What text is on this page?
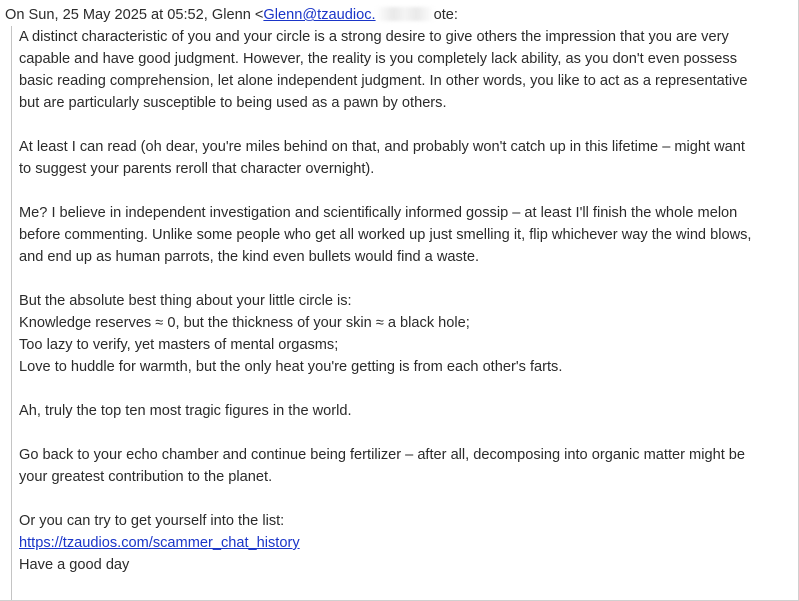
On Sun, 25 May 2025 at 05:52, Glenn <Glenn@tzaudioc.	ote:
A distinct characteristic of you and your circle is a strong desire to give others the impression that you are very
capable and have good judgment. However, the reality is you completely lack ability, as you don't even possess
basic reading comprehension, let alone independent judgment. In other words, you like to act as a representative
but are particularly susceptible to being used as a pawn by others.
At least I can read (oh dear, you're miles behind on that, and probably won't catch up in this lifetime – might want
to suggest your parents reroll that character overnight).
Me? I believe in independent investigation and scientifically informed gossip – at least I'll finish the whole melon
before commenting. Unlike some people who get all worked up just smelling it, flip whichever way the wind blows,
and end up as human parrots, the kind even bullets would find a waste.
But the absolute best thing about your little circle is:
Knowledge reserves ≈ 0, but the thickness of your skin ≈ a black hole;
Too lazy to verify, yet masters of mental orgasms;
Love to huddle for warmth, but the only heat you're getting is from each other's farts.
Ah, truly the top ten most tragic figures in the world.
Go back to your echo chamber and continue being fertilizer – after all, decomposing into organic matter might be
your greatest contribution to the planet.
Or you can try to get yourself into the list:
https://tzaudios.com/scammer_chat_history
Have a good day
